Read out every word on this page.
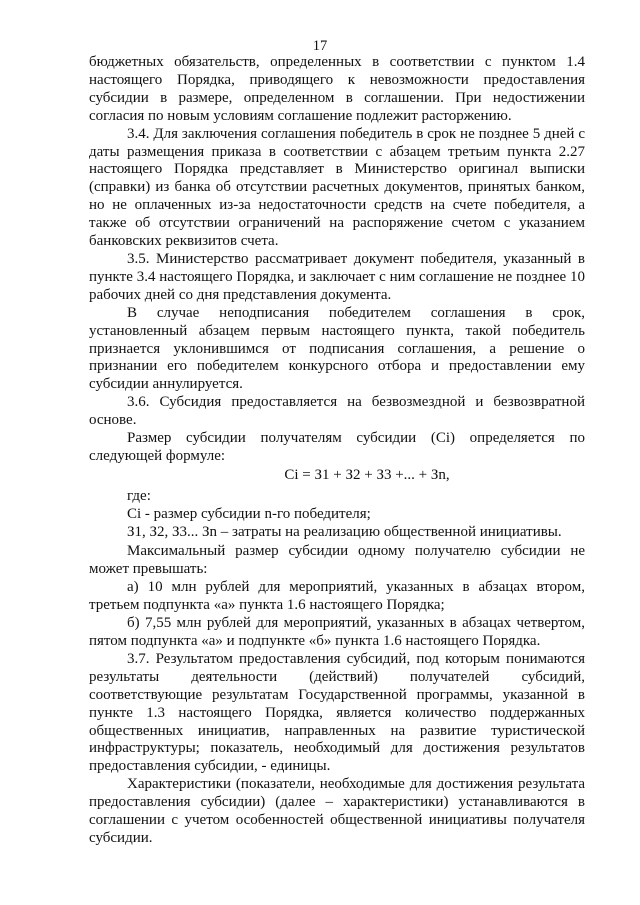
17

бюджетных обязательств, определенных в соответствии с пунктом 1.4 настоящего Порядка, приводящего к невозможности предоставления субсидии в размере, определенном в соглашении. При недостижении согласия по новым условиям соглашение подлежит расторжению.

3.4. Для заключения соглашения победитель в срок не позднее 5 дней с даты размещения приказа в соответствии с абзацем третьим пункта 2.27 настоящего Порядка представляет в Министерство оригинал выписки (справки) из банка об отсутствии расчетных документов, принятых банком, но не оплаченных из-за недостаточности средств на счете победителя, а также об отсутствии ограничений на распоряжение счетом с указанием банковских реквизитов счета.

3.5. Министерство рассматривает документ победителя, указанный в пункте 3.4 настоящего Порядка, и заключает с ним соглашение не позднее 10 рабочих дней со дня представления документа.

В случае неподписания победителем соглашения в срок, установленный абзацем первым настоящего пункта, такой победитель признается уклонившимся от подписания соглашения, а решение о признании его победителем конкурсного отбора и предоставлении ему субсидии аннулируется.

3.6. Субсидия предоставляется на безвозмездной и безвозвратной основе.

Размер субсидии получателям субсидии (Сi) определяется по следующей формуле:

Сi = З1 + З2 + З3 +... + Зn,

где:

Сi - размер субсидии n-го победителя;

З1, З2, З3... Зn – затраты на реализацию общественной инициативы.

Максимальный размер субсидии одному получателю субсидии не может превышать:

а) 10 млн рублей для мероприятий, указанных в абзацах втором, третьем подпункта «а» пункта 1.6 настоящего Порядка;

б) 7,55 млн рублей для мероприятий, указанных в абзацах четвертом, пятом подпункта «а» и подпункте «б» пункта 1.6 настоящего Порядка.

3.7. Результатом предоставления субсидий, под которым понимаются результаты деятельности (действий) получателей субсидий, соответствующие результатам Государственной программы, указанной в пункте 1.3 настоящего Порядка, является количество поддержанных общественных инициатив, направленных на развитие туристической инфраструктуры; показатель, необходимый для достижения результатов предоставления субсидии, - единицы.

Характеристики (показатели, необходимые для достижения результата предоставления субсидии) (далее – характеристики) устанавливаются в соглашении с учетом особенностей общественной инициативы получателя субсидии.
